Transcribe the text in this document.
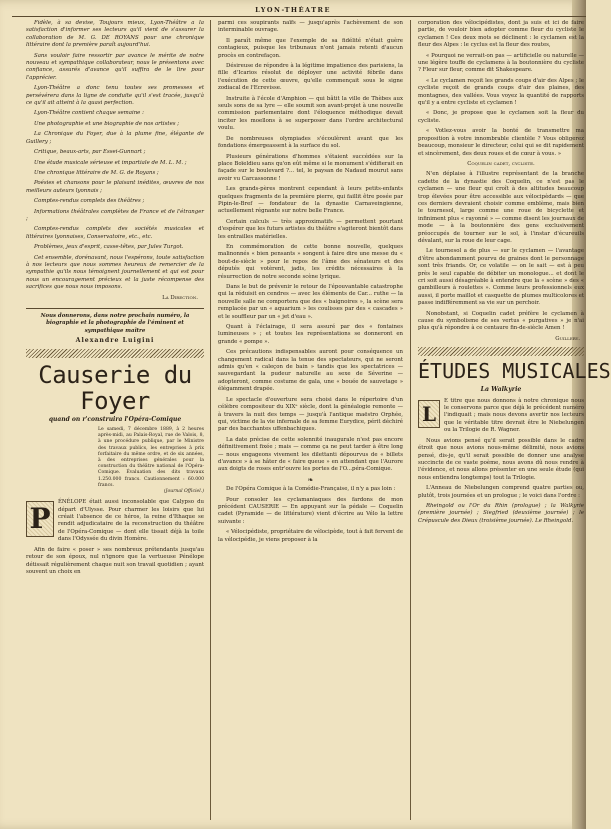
LYON-THÉATRE

Fidèle, à sa devise, Toujours mieux, Lyon-Théâtre a la satisfaction d'informer ses lecteurs qu'il vient de s'assurer la collaboration de M. G. DE ROYANS pour une chronique littéraire dont la première paraît aujourd'hui.

Sans vouloir faire ressortir par avance le mérite de notre nouveau et sympathique collaborateur, nous le présentons avec confiance, assurés d'avance qu'il suffira de le lire pour l'apprécier.

Lyon-Théâtre a donc tenu toutes ses promesses et persévérera dans la ligne de conduite qu'il s'est tracée, jusqu'à ce qu'il ait atteint à la quasi perfection.

Lyon-Théâtre contient chaque semaine :

Une photographie et une biographie de nos artistes ;

La Chronique du Foyer, due à la plume fine, élégante de Guillery ;

Critique, beaux-arts, par Essei-Gunnart ;

Une étude musicale sérieuse et impartiale de M. L. M. ;

Une chronique littéraire de M. G. de Royans ;

Poésies et chansons pour le plaisant inédites, œuvres de nos meilleurs auteurs lyonnais ;

Comptes-rendus complets des théâtres ;

Informations théâtrales complètes de France et de l'étranger ;

Comptes-rendus complets des sociétés musicales et littéraires lyonnaises, Conservatoire, etc., etc.

Problèmes, jeux d'esprit, casse-têtes, par Jules Turgot.

Cet ensemble, dorénavant, nous l'espérons, toute satisfaction à nos lecteurs que nous sommes heureux de remercier de la sympathie qu'ils nous témoignent journellement et qui est pour nous un encouragement précieux et la juste récompense des sacrifices que nous nous imposons.

La Direction.
Nous donnerons, dans notre prochain numéro, la biographie et la photographie de l'éminent et sympathique maître
Alexandre Luigini
Causerie du Foyer
quand on r'construira l'Opéra-Comique
Le samedi, 7 décembre 1889, à 2 heures après-midi, au Palais-Royal, rue de Valois, 8, à une procédure publique, par le Ministre des travaux publics, les entreprises à prix forfaitaire du même ordre, et de six années, à des entreprises générales pour la construction du théâtre national de l'Opéra-Comique. Évaluation des dits travaux 1.250.000 francs. Cautionnement : 60.000 francs.
(Journal Officiel.)
P	ÉNÉLOPE était aussi inconsolable que Calypso du départ d'Ulysse. Pour charmer les loisirs que lui créait l'absence de ce héros, la reine d'Ithaque se rendit adjudicataire de la reconstruction du théâtre de l'Opéra-Comique — dont elle tissait déjà la toile dans l'Odyssée du divin Homère.

Afin de faire « poser » ses nombreux prétendants jusqu'au retour de son époux, nul n'ignore que la vertueuse Pénélope détissait régulièrement chaque nuit son travail quotidien ; ayant souvent un choix en

parmi ces soupirants naïfs — jusqu'après l'achèvement de son interminable ouvrage.

Il paraît même que l'exemple de sa fidélité n'était guère contagieux, puisque les tribunaux n'ont jamais retenti d'aucun procès en contrefaçon.

Désireuse de répondre à la légitime impatience des parisiens, la fille d'Icarios résolut de déployer une activité fébrile dans l'exécution de cette œuvre, qu'elle commençait sous le signe zodiacal de l'Ecrevisse.

Instruite à l'école d'Amphion — qui bâtit la ville de Thèbes aux seuls sons de sa lyre — elle soumit son avant-projet à une nouvelle commission parlementaire dont l'éloquence méthodique devait inciter les moellons à se superposer dans l'ordre architectural voulu.

De nombreuses olympiades s'écoulèrent avant que les fondations émergeassent à la surface du sol.

Plusieurs générations d'hommes s'étaient succédées sur la place Boïeldieu sans qu'on eût même si le monument s'édifierait en façade sur le boulevard ?... tel, le paysan de Nadaud mourut sans avoir vu Carcassonne !

Les grands-pères montrent cependant à leurs petits-enfants quelques fragments de la première pierre, qui faillit être posée par Pipin-le-Bref — fondateur de la dynastie Carnaveingienne, actuellement régnante sur notre belle France.

Certain calculs — très approximatifs — permettent pourtant d'espérer que les futurs artistes du théâtre s'agiteront bientôt dans les entrailles matérielles.

En commémoration de cette bonne nouvelle, quelques malinonnés « bien pensants » songent à faire dire une messe du « bout-de-siècle » pour le repos de l'âme des sénateurs et des députés qui votèrent, jadis, les crédits nécessaires à la résurrection de notre seconde scène lyrique.

Dans le but de prévenir le retour de l'épouvantable catastrophe qui la réduisit en cendres — avec les éléments de Car... ruthe — la nouvelle salle ne comportera que des « baignoires », la scène sera remplacée par un « aquarium » les coulisses par des « cascades » et le souffleur par un « jet d'eau ».

Quant à l'éclairage, il sera assuré par des « fontaines lumineuses » ; et toutes les représentations se donneront en grande « pompe ».

Ces précautions indispensables auront pour conséquence un changement radical dans la tenue des spectateurs, qui ne seront admis qu'en « caleçon de bain » tandis que les spectatrices — sauvegardant la pudeur naturelle au sexe de Séverine — adopteront, comme costume de gala, une « bouée de sauvetage » élégamment drapée.

Le spectacle d'ouverture sera choisi dans le répertoire d'un célèbre compositeur du XIXᵉ siècle, dont la généalogie remonte — à travers la nuit des temps — jusqu'à l'antique maëstro Orphée, qui, victime de la vie infernale de sa femme Eurydice, périt déchiré par des bacchantes uffenbachiques.

La date précise de cette solennité inaugurale n'est pas encore définitivement fixée ; mais — comme ça ne peut tarder à être long — nous engageons vivement les dilettanti dépourvus de « billets d'avance » à se hâter de « faire queue » en attendant que l'Aurore aux doigts de roses entr'ouvre les portes de l'O...péra-Comique.

❧

De l'Opéra Comique à la Comédie-Française, il n'y a pas loin :

Pour consoler les cyclamaniaques des fardons de mon précédent CAUSERIE — En appuyant sur la pédale — Coquelin cadet (Pyramide — de littérature) vient d'écrire au Vélo la lettre suivante :

« Vélocipédiste, propriétaire de vélocipède, tout à fait fervent de la vélocipédie, je viens proposer à la

corporation des vélocipédistes, dont ja suis et ici de faire partie, de vouloir bien adopter comme fleur du cycliste le cyclamen ! Ces deux mots se déclinent : le cyclamen est la fleur des Alpes : le cyclus est la fleur des routes,

« Pourquoi ne verrait-on pas — artificielle ou naturelle — une légère touffe de cyclamens à la boutonnière du cycliste ? Fleur sur fleur, comme dit Shakespeare.

« Le cyclamen reçoit les grands coups d'air des Alpes ; le cycliste reçoit de grands coups d'air des plaines, des montagnes, des vallées. Vous voyez la quantité de rapports qu'il y a entre cycliste et cyclamen !

« Donc, je propose que le cyclamen soit la fleur du cycliste.

« Votlez-vous avoir la bonté de transmettre ma proposition à votre innombrable clientèle ? Vous obligerez beaucoup, monsieur le directeur, celui qui se dit rapidement et sincèrement, des deux roues et de cœur à vous. »

Coquelin cadet, cycliste.

N'en déplaise à l'illustre représentant de la branche cadette de la dynastie des Coquelin, ce n'est pas le cyclamen — une fleur qui croît à des altitudes beaucoup trop élevées pour être accessible aux vélocipèdards — que ces derniers devraient choisir comme emblème, mais bien le tournesol, large comme une roue de bicyclette et infiniment plus « rayonné » — comme disent les journaux de mode — à la boutonnière des gens exclusivement préoccupés de tourner sur le sol, à l'instar d'écureuils dévalant, sur la roue de leur cage.

Le tournesol a de plus — sur le cyclamen — l'avantage d'être abondamment pourvu de graines dont le personnage sont très friands. Or, ce volatile — on le sait — est à peu près le seul capable de débiter un monologue... et dont le cri soit aussi désagréable à entendre que la « scène » des « gambilleurs à roulettes ». Comme leurs professionnels eux aussi, il porte maillot et casquette de plumes multicolores et passe indifféremment sa vie sur un perchoir.

Nonobstant, si Coquelin cadet préfère le cyclamen à cause du symbolisme de ses vertus « purgatives » je n'ai plus qu'à répondre à ce centaure fin-de-siècle Amen !

Guillery.
ÉTUDES MUSICALES
La Walkyrie
L

E titre que nous donnons à notre chronique nous le conservons parce que déjà le précédent numéro l'indiquait ; mais nous devons avertir nos lecteurs que le véritable titre devrait être le Niebelungen ou la Trilogie de R. Wagner.

Nous avions pensé qu'il serait possible dans le cadre étroit que nous avions nous-même délimité, nous avions pensé, dis-je, qu'il serait possible de donner une analyse succincte de ce vaste poème, nous avons dû nous rendre à l'évidence, et nous allons présenter en une seule étude (qui nous entiendra longtemps) tout la Trilogie.

L'Anneau de Niebelungen comprend quatre parties ou, plutôt, trois journées et un prologue ; le voici dans l'ordre :

Rheingold ou l'Or du Rhin (prologue) ; la Walkyrie (première journée) ; Siegfried (deuxième journée) ; le Crépuscule des Dieux (troisième journée). Le Rheingold.
